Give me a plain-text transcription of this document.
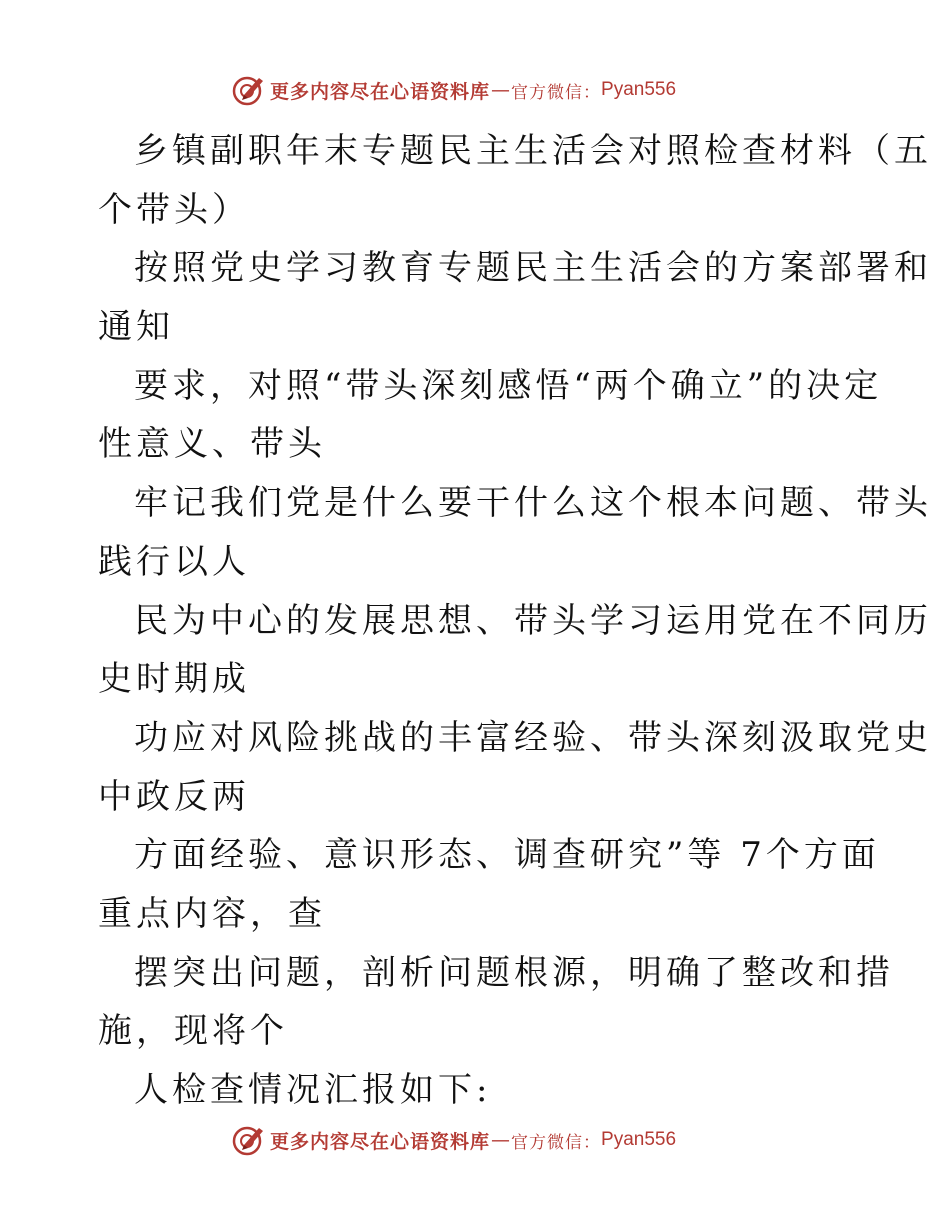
更多内容尽在心语资料库 — 官方微信： Pyan556
乡镇副职年末专题民主生活会对照检查材料（五
个带头）
按照党史学习教育专题民主生活会的方案部署和
通知
要求，对照“带头深刻感悟“两个确立”的决定
性意义、带头
牢记我们党是什么要干什么这个根本问题、带头
践行以人
民为中心的发展思想、带头学习运用党在不同历
史时期成
功应对风险挑战的丰富经验、带头深刻汲取党史
中政反两
方面经验、意识形态、调查研究”等 7个方面
重点内容，查
摆突出问题，剖析问题根源，明确了整改和措
施，现将个
人检查情况汇报如下:
更多内容尽在心语资料库 — 官方微信： Pyan556
